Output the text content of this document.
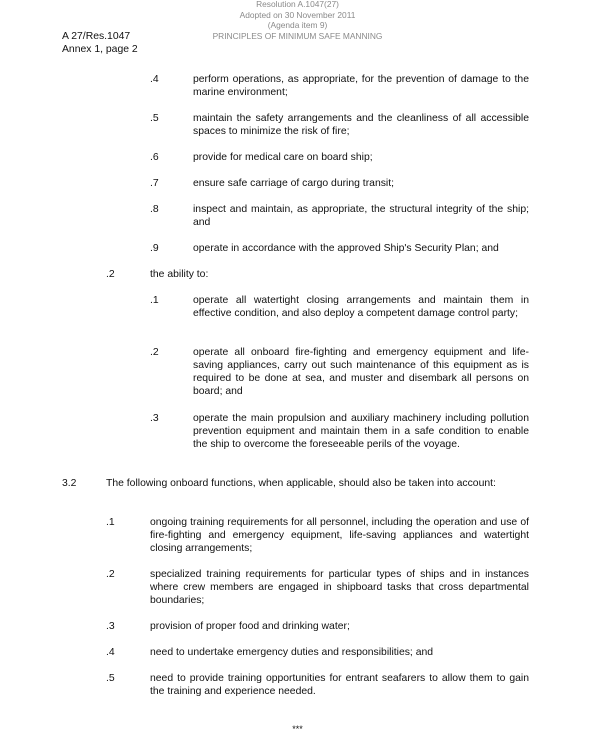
Resolution A.1047(27)
Adopted on 30 November 2011
(Agenda item 9)
PRINCIPLES OF MINIMUM SAFE MANNING
A 27/Res.1047
Annex 1, page 2
.4	perform operations, as appropriate, for the prevention of damage to the marine environment;
.5	maintain the safety arrangements and the cleanliness of all accessible spaces to minimize the risk of fire;
.6	provide for medical care on board ship;
.7	ensure safe carriage of cargo during transit;
.8	inspect and maintain, as appropriate, the structural integrity of the ship; and
.9	operate in accordance with the approved Ship's Security Plan; and
.2	the ability to:
.1	operate all watertight closing arrangements and maintain them in effective condition, and also deploy a competent damage control party;
.2	operate all onboard fire-fighting and emergency equipment and life-saving appliances, carry out such maintenance of this equipment as is required to be done at sea, and muster and disembark all persons on board; and
.3	operate the main propulsion and auxiliary machinery including pollution prevention equipment and maintain them in a safe condition to enable the ship to overcome the foreseeable perils of the voyage.
3.2	The following onboard functions, when applicable, should also be taken into account:
.1	ongoing training requirements for all personnel, including the operation and use of fire-fighting and emergency equipment, life-saving appliances and watertight closing arrangements;
.2	specialized training requirements for particular types of ships and in instances where crew members are engaged in shipboard tasks that cross departmental boundaries;
.3	provision of proper food and drinking water;
.4	need to undertake emergency duties and responsibilities; and
.5	need to provide training opportunities for entrant seafarers to allow them to gain the training and experience needed.
***
